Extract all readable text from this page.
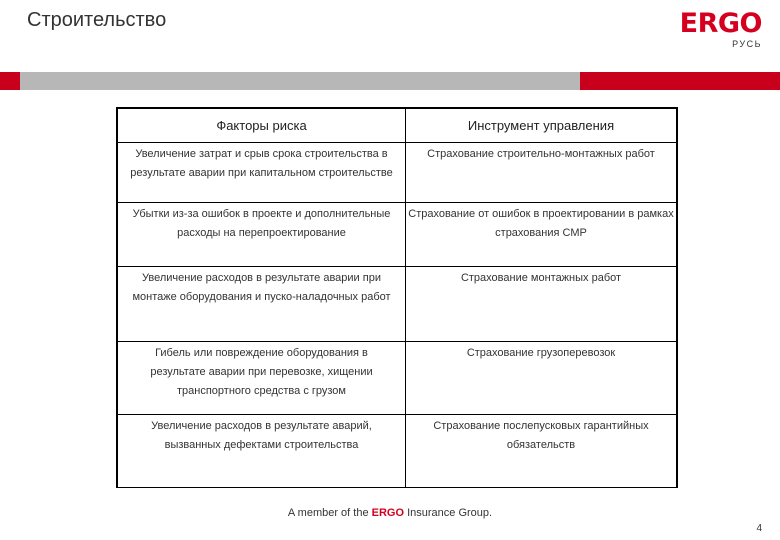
Строительство	ERGO
РУСЬ
Факторы риска	Инструмент управления
Увеличение затрат и срыв срока строительства в результате аварии при капитальном строительстве	Страхование строительно-монтажных работ
Убытки из-за ошибок в проекте и дополнительные расходы на перепроектирование	Страхование от ошибок в проектировании в рамках страхования СМР
Увеличение расходов в результате аварии при монтаже оборудования и пуско-наладочных работ	Страхование монтажных работ
Гибель или повреждение оборудования в результате аварии при перевозке, хищении транспортного средства с грузом	Страхование грузоперевозок
Увеличение расходов в результате аварий, вызванных дефектами строительства	Страхование послепусковых гарантийных обязательств
A member of the ERGO Insurance Group.
4
